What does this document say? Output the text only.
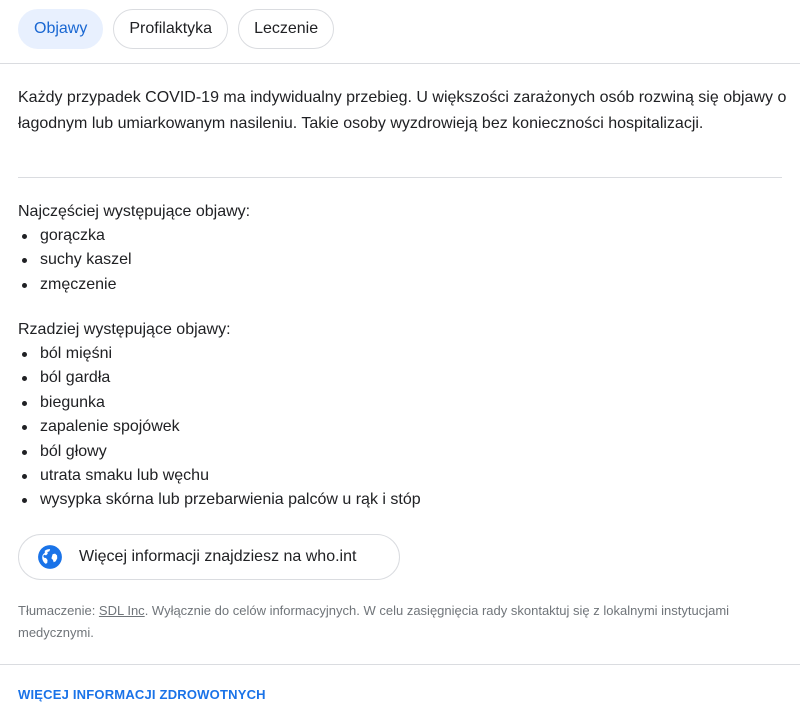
Objawy	Profilaktyka	Leczenie

Każdy przypadek COVID-19 ma indywidualny przebieg. U większości zarażonych osób rozwiną się objawy o łagodnym lub umiarkowanym nasileniu. Takie osoby wyzdrowieją bez konieczności hospitalizacji.

Najczęściej występujące objawy:

gorączka
suchy kaszel
zmęczenie

Rzadziej występujące objawy:

ból mięśni
ból gardła
biegunka
zapalenie spojówek
ból głowy
utrata smaku lub węchu
wysypka skórna lub przebarwienia palców u rąk i stóp
Więcej informacji znajdziesz na who.int
Tłumaczenie: SDL Inc. Wyłącznie do celów informacyjnych. W celu zasięgnięcia rady skontaktuj się z lokalnymi instytucjami medycznymi.
WIĘCEJ INFORMACJI ZDROWOTNYCH
